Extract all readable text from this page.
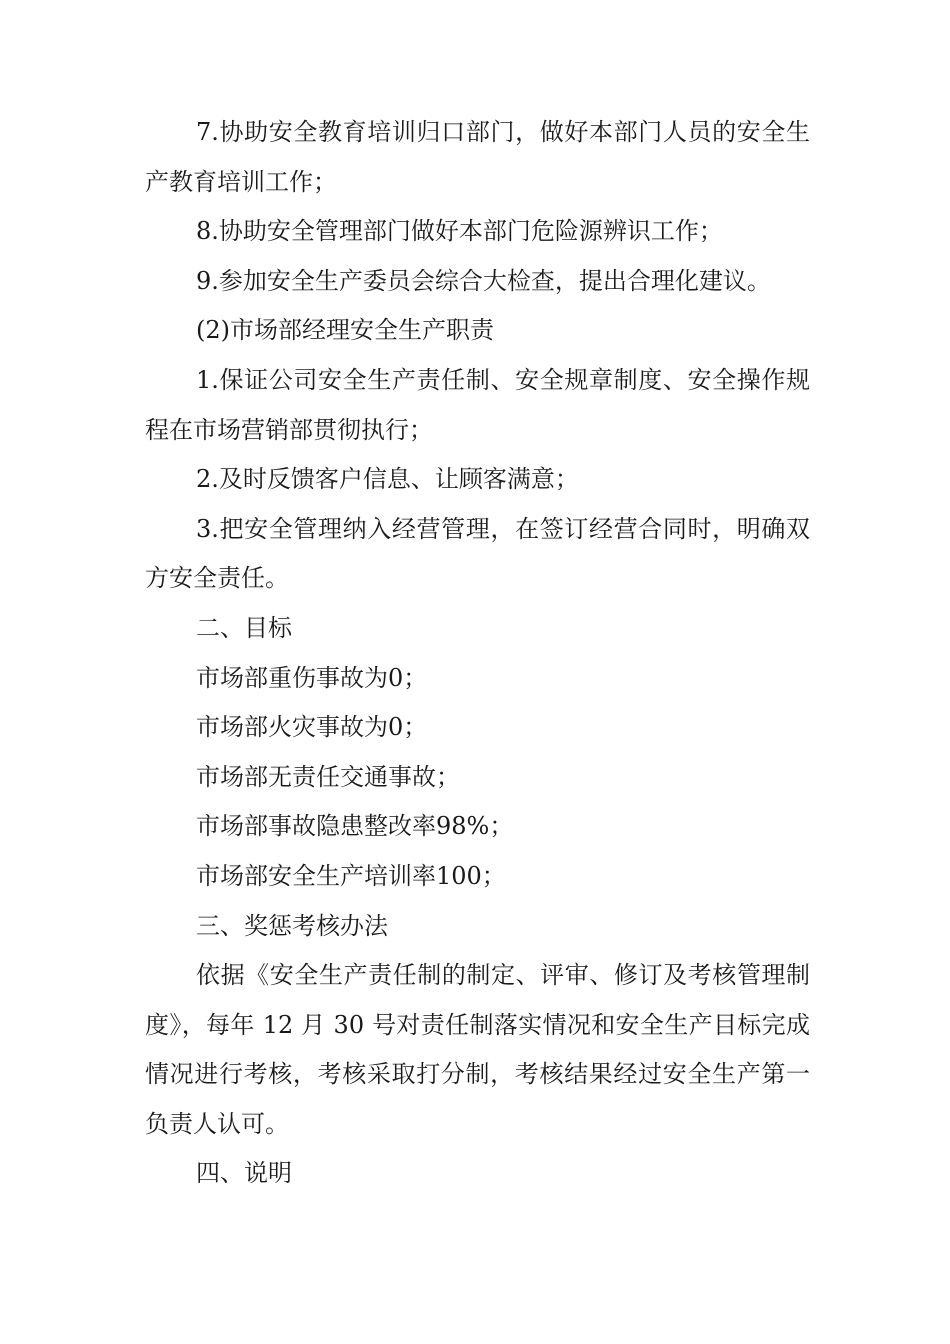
7.协助安全教育培训归口部门，做好本部门人员的安全生产教育培训工作；

8.协助安全管理部门做好本部门危险源辨识工作；

9.参加安全生产委员会综合大检查，提出合理化建议。

(2)市场部经理安全生产职责

1.保证公司安全生产责任制、安全规章制度、安全操作规程在市场营销部贯彻执行；

2.及时反馈客户信息、让顾客满意；

3.把安全管理纳入经营管理，在签订经营合同时，明确双方安全责任。

二、目标

市场部重伤事故为0；

市场部火灾事故为0；

市场部无责任交通事故；

市场部事故隐患整改率98%；

市场部安全生产培训率100；

三、奖惩考核办法

依据《安全生产责任制的制定、评审、修订及考核管理制度》，每年 12 月 30 号对责任制落实情况和安全生产目标完成情况进行考核，考核采取打分制，考核结果经过安全生产第一负责人认可。

四、说明
